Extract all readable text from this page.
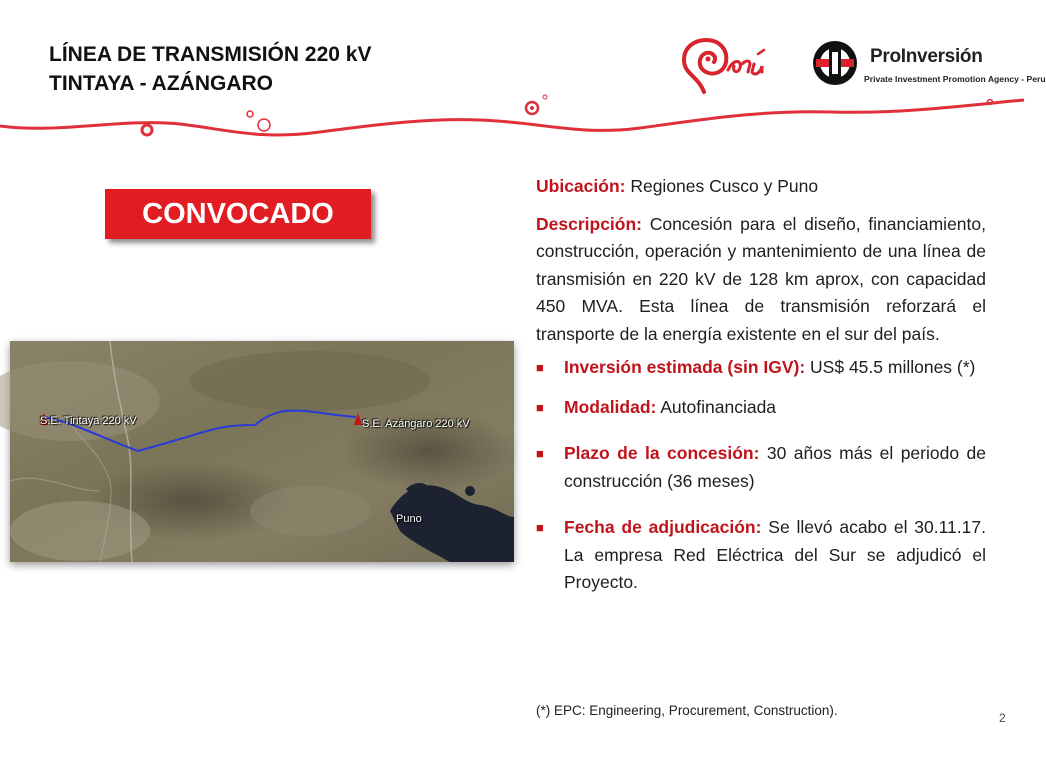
LÍNEA DE TRANSMISIÓN 220 kV
TINTAYA - AZÁNGARO
ProInversión
Private Investment Promotion Agency - Peru
CONVOCADO
S.E. Tintaya 220 kV	S.E. Azángaro 220 kV
Puno

Ubicación: Regiones Cusco y Puno

Descripción: Concesión para el diseño, financiamiento, construcción, operación y mantenimiento de una línea de transmisión en 220 kV de 128 km aprox, con capacidad 450 MVA. Esta línea de transmisión reforzará el transporte de la energía existente en el sur del país.

■ Inversión estimada (sin IGV): US$ 45.5 millones (*)

■ Modalidad: Autofinanciada

■ Plazo de la concesión: 30 años más el periodo de construcción (36 meses)

■ Fecha de adjudicación: Se llevó acabo el 30.11.17. La empresa Red Eléctrica del Sur se adjudicó el Proyecto.

(*) EPC: Engineering, Procurement, Construction).	2
